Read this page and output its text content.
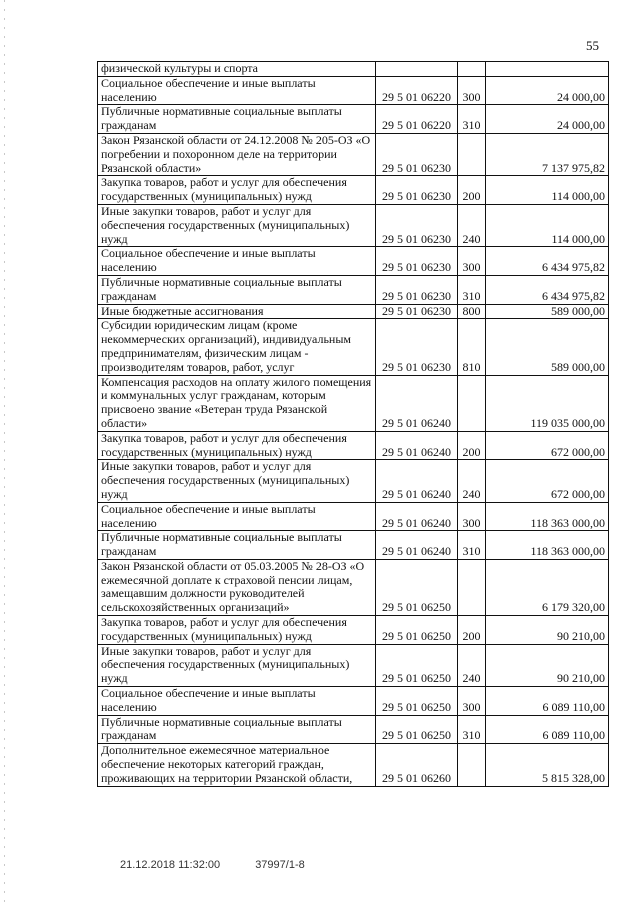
55
физической культуры и спорта			
Социальное обеспечение и иные выплаты населению	29 5 01 06220	300	24 000,00
Публичные нормативные социальные выплаты гражданам	29 5 01 06220	310	24 000,00
Закон Рязанской области от 24.12.2008 № 205-ОЗ «О погребении и похоронном деле на территории Рязанской области»	29 5 01 06230		7 137 975,82
Закупка товаров, работ и услуг для обеспечения государственных (муниципальных) нужд	29 5 01 06230	200	114 000,00
Иные закупки товаров, работ и услуг для обеспечения государственных (муниципальных) нужд	29 5 01 06230	240	114 000,00
Социальное обеспечение и иные выплаты населению	29 5 01 06230	300	6 434 975,82
Публичные нормативные социальные выплаты гражданам	29 5 01 06230	310	6 434 975,82
Иные бюджетные ассигнования	29 5 01 06230	800	589 000,00
Субсидии юридическим лицам (кроме некоммерческих организаций), индивидуальным предпринимателям, физическим лицам - производителям товаров, работ, услуг	29 5 01 06230	810	589 000,00
Компенсация расходов на оплату жилого помещения и коммунальных услуг гражданам, которым присвоено звание «Ветеран труда Рязанской области»	29 5 01 06240		119 035 000,00
Закупка товаров, работ и услуг для обеспечения государственных (муниципальных) нужд	29 5 01 06240	200	672 000,00
Иные закупки товаров, работ и услуг для обеспечения государственных (муниципальных) нужд	29 5 01 06240	240	672 000,00
Социальное обеспечение и иные выплаты населению	29 5 01 06240	300	118 363 000,00
Публичные нормативные социальные выплаты гражданам	29 5 01 06240	310	118 363 000,00
Закон Рязанской области от 05.03.2005 № 28-ОЗ «О ежемесячной доплате к страховой пенсии лицам, замещавшим должности руководителей сельскохозяйственных организаций»	29 5 01 06250		6 179 320,00
Закупка товаров, работ и услуг для обеспечения государственных (муниципальных) нужд	29 5 01 06250	200	90 210,00
Иные закупки товаров, работ и услуг для обеспечения государственных (муниципальных) нужд	29 5 01 06250	240	90 210,00
Социальное обеспечение и иные выплаты населению	29 5 01 06250	300	6 089 110,00
Публичные нормативные социальные выплаты гражданам	29 5 01 06250	310	6 089 110,00
Дополнительное ежемесячное материальное обеспечение некоторых категорий граждан, проживающих на территории Рязанской области,	29 5 01 06260		5 815 328,00
21.12.2018 11:32:00	37997/1-8
